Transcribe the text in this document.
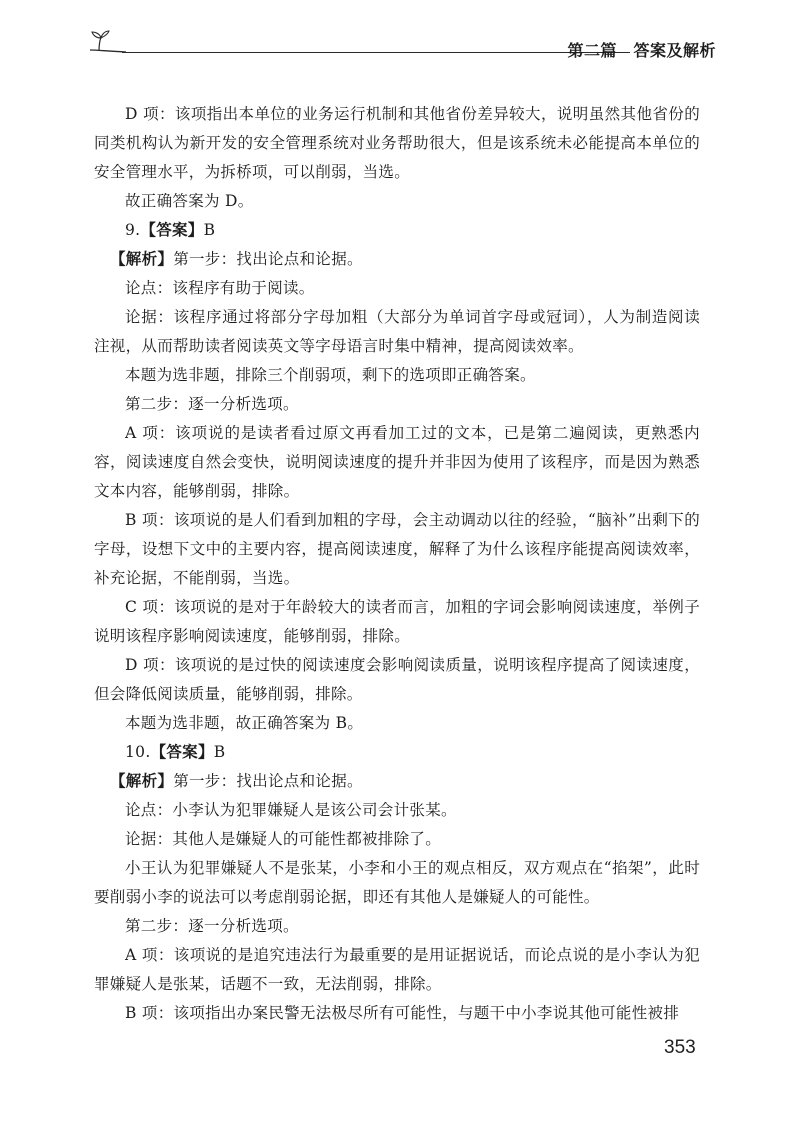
第二篇　答案及解析

D 项：该项指出本单位的业务运行机制和其他省份差异较大，说明虽然其他省份的同类机构认为新开发的安全管理系统对业务帮助很大，但是该系统未必能提高本单位的安全管理水平，为拆桥项，可以削弱，当选。

故正确答案为 D。

9.【答案】B

【解析】第一步：找出论点和论据。

论点：该程序有助于阅读。

论据：该程序通过将部分字母加粗（大部分为单词首字母或冠词），人为制造阅读注视，从而帮助读者阅读英文等字母语言时集中精神，提高阅读效率。

本题为选非题，排除三个削弱项，剩下的选项即正确答案。

第二步：逐一分析选项。

A 项：该项说的是读者看过原文再看加工过的文本，已是第二遍阅读，更熟悉内容，阅读速度自然会变快，说明阅读速度的提升并非因为使用了该程序，而是因为熟悉文本内容，能够削弱，排除。

B 项：该项说的是人们看到加粗的字母，会主动调动以往的经验，“脑补”出剩下的字母，设想下文中的主要内容，提高阅读速度，解释了为什么该程序能提高阅读效率，补充论据，不能削弱，当选。

C 项：该项说的是对于年龄较大的读者而言，加粗的字词会影响阅读速度，举例子说明该程序影响阅读速度，能够削弱，排除。

D 项：该项说的是过快的阅读速度会影响阅读质量，说明该程序提高了阅读速度，但会降低阅读质量，能够削弱，排除。

本题为选非题，故正确答案为 B。

10.【答案】B

【解析】第一步：找出论点和论据。

论点：小李认为犯罪嫌疑人是该公司会计张某。

论据：其他人是嫌疑人的可能性都被排除了。

小王认为犯罪嫌疑人不是张某，小李和小王的观点相反，双方观点在“掐架”，此时要削弱小李的说法可以考虑削弱论据，即还有其他人是嫌疑人的可能性。

第二步：逐一分析选项。

A 项：该项说的是追究违法行为最重要的是用证据说话，而论点说的是小李认为犯罪嫌疑人是张某，话题不一致，无法削弱，排除。

B 项：该项指出办案民警无法极尽所有可能性，与题干中小李说其他可能性被排

353
